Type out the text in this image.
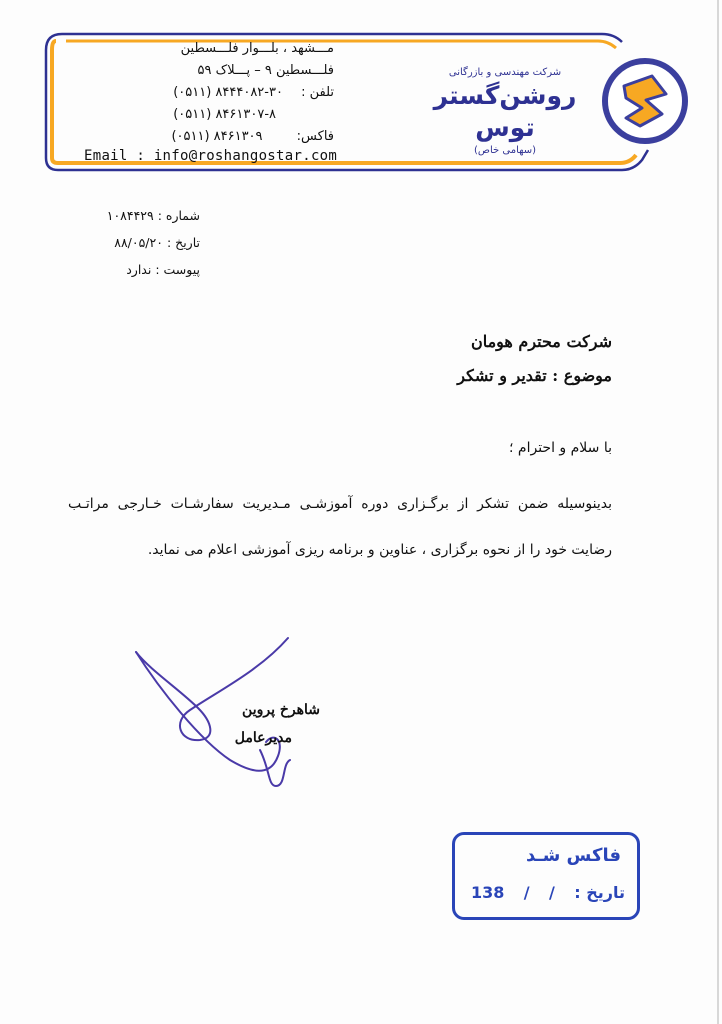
مـــشهد ، بلـــوار فلـــسطین
فلـــسطین ۹ – پـــلاک ۵۹
تلفن : (۰۵۱۱) ۸۴۴۴۰۸۲-۳۰
(۰۵۱۱) ۸۴۶۱۳۰۷-۸
فاکس: (۰۵۱۱) ۸۴۶۱۳۰۹
Email : info@roshangostar.com
شرکت مهندسی و بازرگانی
روشن‌گستر توس
(سهامی خاص)
شماره : ۱۰۸۴۴۲۹
تاریخ : ۸۸/۰۵/۲۰
پیوست : ندارد
شرکت محترم هومان
موضوع : تقدیر و تشکر
با سلام و احترام ؛
بدینوسیله ضمن تشکر از برگـزاری دوره آموزشـی مـدیریت سفارشـات خـارجی مراتـب رضایت خود را از نحوه برگزاری ، عناوین و برنامه ریزی آموزشی اعلام می نماید.
شاهرخ پروین
مدیرعامل
فاکس شـد
تاریخ :
/
/
138
